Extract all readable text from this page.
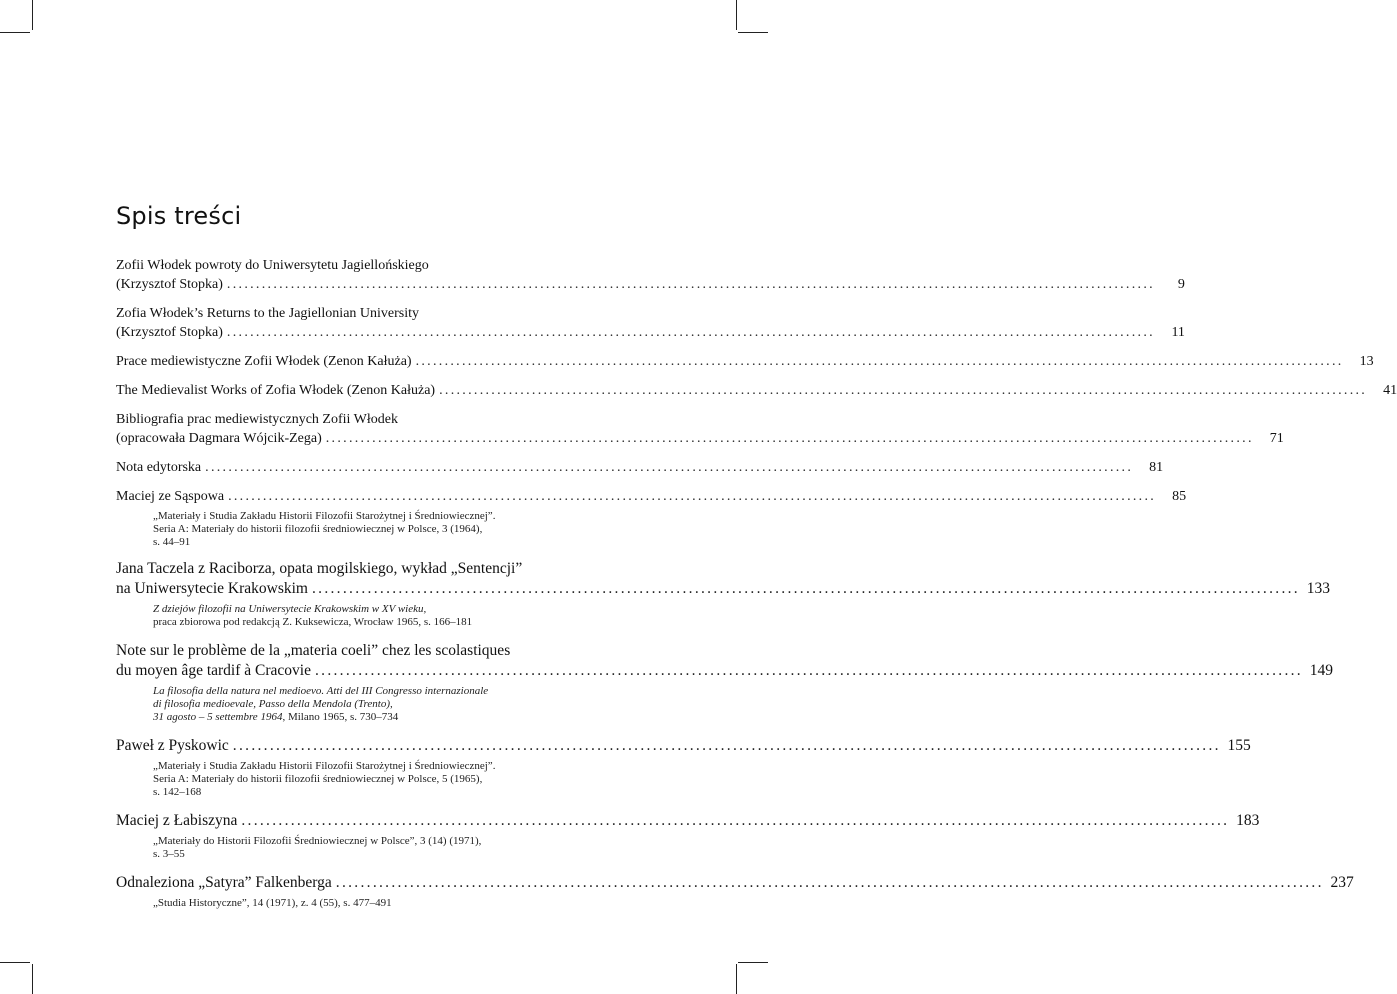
Spis treści
Zofii Włodek powroty do Uniwersytetu Jagiellońskiego
(Krzysztof Stopka) ................................................................................................................................................................	9
Zofia Włodek’s Returns to the Jagiellonian University
(Krzysztof Stopka) ................................................................................................................................................................	11
Prace mediewistyczne Zofii Włodek (Zenon Kałuża) ................................................................................................................................................................	13
The Medievalist Works of Zofia Włodek (Zenon Kałuża) ................................................................................................................................................................	41
Bibliografia prac mediewistycznych Zofii Włodek
(opracowała Dagmara Wójcik-Zega) ................................................................................................................................................................	71
Nota edytorska ................................................................................................................................................................	81
Maciej ze Sąspowa ................................................................................................................................................................	85
„Materiały i Studia Zakładu Historii Filozofii Starożytnej i Średniowiecznej”.
Seria A: Materiały do historii filozofii średniowiecznej w Polsce, 3 (1964),
s. 44–91
Jana Taczela z Raciborza, opata mogilskiego, wykład „Sentencji”
na Uniwersytecie Krakowskim ................................................................................................................................................................ 133
Z dziejów filozofii na Uniwersytecie Krakowskim w XV wieku,
praca zbiorowa pod redakcją Z. Kuksewicza, Wrocław 1965, s. 166–181
Note sur le problème de la „materia coeli” chez les scolastiques
du moyen âge tardif à Cracovie ................................................................................................................................................................ 149
La filosofia della natura nel medioevo. Atti del III Congresso internazionale
di filosofia medioevale, Passo della Mendola (Trento),
31 agosto – 5 settembre 1964, Milano 1965, s. 730–734
Paweł z Pyskowic ................................................................................................................................................................ 155
„Materiały i Studia Zakładu Historii Filozofii Starożytnej i Średniowiecznej”.
Seria A: Materiały do historii filozofii średniowiecznej w Polsce, 5 (1965),
s. 142–168
Maciej z Łabiszyna ................................................................................................................................................................ 183
„Materiały do Historii Filozofii Średniowiecznej w Polsce”, 3 (14) (1971),
s. 3–55
Odnaleziona „Satyra” Falkenberga ................................................................................................................................................................ 237
„Studia Historyczne”, 14 (1971), z. 4 (55), s. 477–491
